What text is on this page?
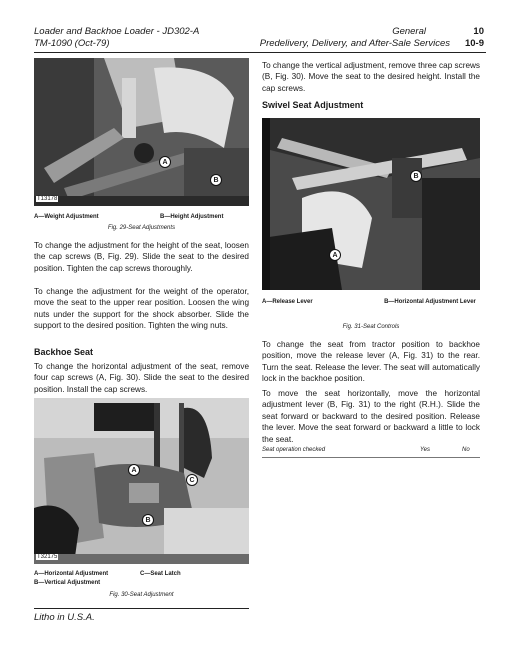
Loader and Backhoe Loader - JD302-A
TM-1090 (Oct-79)
General	10
Predelivery, Delivery, and After-Sale Services 10-9
A
B
T13178
A—Weight Adjustment	B—Height Adjustment
Fig. 29-Seat Adjustments
To change the adjustment for the height of the seat, loosen the cap screws (B, Fig. 29). Slide the seat to the desired position. Tighten the cap screws thoroughly.
To change the adjustment for the weight of the operator, move the seat to the upper rear position. Loosen the wing nuts under the support for the shock absorber. Slide the support to the desired position. Tighten the wing nuts.
Backhoe Seat
To change the horizontal adjustment of the seat, remove four cap screws (A, Fig. 30). Slide the seat to the desired position. Install the cap screws.
A
B
C
T32175
A—Horizontal Adjustment	C—Seat Latch
B—Vertical Adjustment
Fig. 30-Seat Adjustment
Litho in U.S.A.
To change the vertical adjustment, remove three cap screws (B, Fig. 30). Move the seat to the desired height. Install the cap screws.
Swivel Seat Adjustment
A
B
A—Release Lever	B—Horizontal Adjustment Lever
Fig. 31-Seat Controls
To change the seat from tractor position to backhoe position, move the release lever (A, Fig. 31) to the rear. Turn the seat. Release the lever. The seat will automatically lock in the backhoe position.
To move the seat horizontally, move the horizontal adjustment lever (B, Fig. 31) to the right (R.H.). Slide the seat forward or backward to the desired position. Release the lever. Move the seat forward or backward a little to lock the seat.
Seat operation checked	Yes	No
